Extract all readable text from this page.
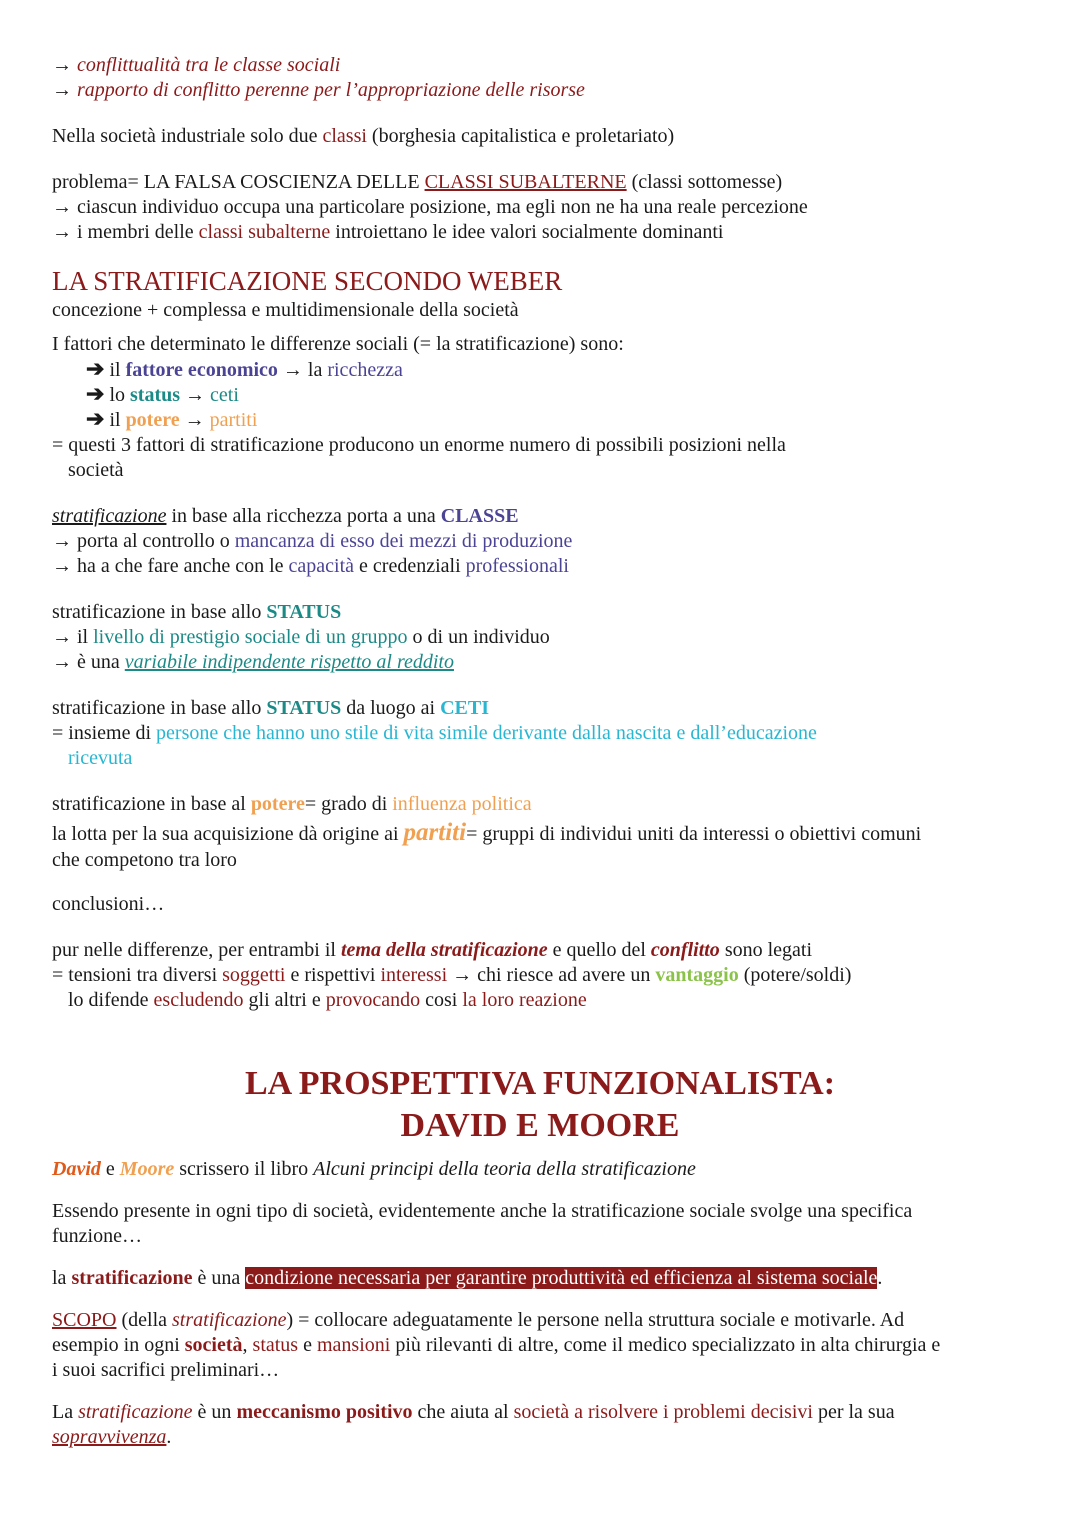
→ conflittualità tra le classe sociali
→ rapporto di conflitto perenne per l’appropriazione delle risorse
Nella società industriale solo due classi (borghesia capitalistica e proletariato)
problema= LA FALSA COSCIENZA DELLE CLASSI SUBALTERNE (classi sottomesse)
→ ciascun individuo occupa una particolare posizione, ma egli non ne ha una reale percezione
→ i membri delle classi subalterne introiettano le idee valori socialmente dominanti
LA STRATIFICAZIONE SECONDO WEBER
concezione + complessa e multidimensionale della società
I fattori che determinato le differenze sociali (= la stratificazione) sono:
➔ il fattore economico → la ricchezza
➔ lo status → ceti
➔ il potere → partiti
= questi 3 fattori di stratificazione producono un enorme numero di possibili posizioni nella
società
stratificazione in base alla ricchezza porta a una CLASSE
→ porta al controllo o mancanza di esso dei mezzi di produzione
→ ha a che fare anche con le capacità e credenziali professionali
stratificazione in base allo STATUS
→ il livello di prestigio sociale di un gruppo o di un individuo
→ è una variabile indipendente rispetto al reddito
stratificazione in base allo STATUS da luogo ai CETI
= insieme di persone che hanno uno stile di vita simile derivante dalla nascita e dall’educazione
ricevuta
stratificazione in base al potere= grado di influenza politica
la lotta per la sua acquisizione dà origine ai partiti= gruppi di individui uniti da interessi o obiettivi comuni
che competono tra loro
conclusioni…
pur nelle differenze, per entrambi il tema della stratificazione e quello del conflitto sono legati
= tensioni tra diversi soggetti e rispettivi interessi → chi riesce ad avere un vantaggio (potere/soldi)
lo difende escludendo gli altri e provocando cosi la loro reazione
LA PROSPETTIVA FUNZIONALISTA:
DAVID E MOORE
David e Moore scrissero il libro Alcuni principi della teoria della stratificazione
Essendo presente in ogni tipo di società, evidentemente anche la stratificazione sociale svolge una specifica
funzione…
la stratificazione è una condizione necessaria per garantire produttività ed efficienza al sistema sociale.
SCOPO (della stratificazione) = collocare adeguatamente le persone nella struttura sociale e motivarle. Ad
esempio in ogni società, status e mansioni più rilevanti di altre, come il medico specializzato in alta chirurgia e
i suoi sacrifici preliminari…
La stratificazione è un meccanismo positivo che aiuta al società a risolvere i problemi decisivi per la sua
sopravvivenza.
